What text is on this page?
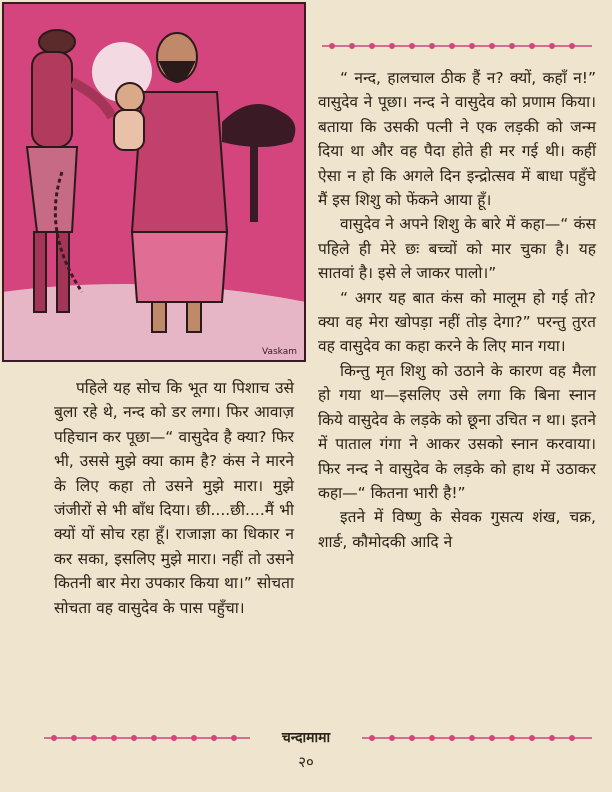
Vaskam

“ नन्द, हालचाल ठीक हैं न? क्यों, कहाँ न!” वासुदेव ने पूछा। नन्द ने वासुदेव को प्रणाम किया। बताया कि उसकी पत्नी ने एक लड़की को जन्म दिया था और वह पैदा होते ही मर गई थी। कहीं ऐसा न हो कि अगले दिन इन्द्रोत्सव में बाधा पहुँचे मैं इस शिशु को फेंकने आया हूँ।

वासुदेव ने अपने शिशु के बारे में कहा—“ कंस पहिले ही मेरे छः बच्चों को मार चुका है। यह सातवां है। इसे ले जाकर पालो।”

“ अगर यह बात कंस को मालूम हो गई तो? क्या वह मेरा खोपड़ा नहीं तोड़ देगा?” परन्तु तुरत वह वासुदेव का कहा करने के लिए मान गया।

किन्तु मृत शिशु को उठाने के कारण वह मैला हो गया था—इसलिए उसे लगा कि बिना स्नान किये वासुदेव के लड़के को छूना उचित न था। इतने में पाताल गंगा ने आकर उसको स्नान करवाया। फिर नन्द ने वासुदेव के लड़के को हाथ में उठाकर कहा—“ कितना भारी है!”

इतने में विष्णु के सेवक गुसत्य शंख, चक्र, शार्ङ, कौमोदकी आदि ने

पहिले यह सोच कि भूत या पिशाच उसे बुला रहे थे, नन्द को डर लगा। फिर आवाज़ पहिचान कर पूछा—“ वासुदेव है क्या? फिर भी, उससे मुझे क्या काम है? कंस ने मारने के लिए कहा तो उसने मुझे मारा। मुझे जंजीरों से भी बाँध दिया। छी....छी....मैं भी क्यों यों सोच रहा हूँ। राजाज्ञा का धिकार न कर सका, इसलिए मुझे मारा। नहीं तो उसने कितनी बार मेरा उपकार किया था।” सोचता सोचता वह वासुदेव के पास पहुँचा।

चन्दामामा
२०
